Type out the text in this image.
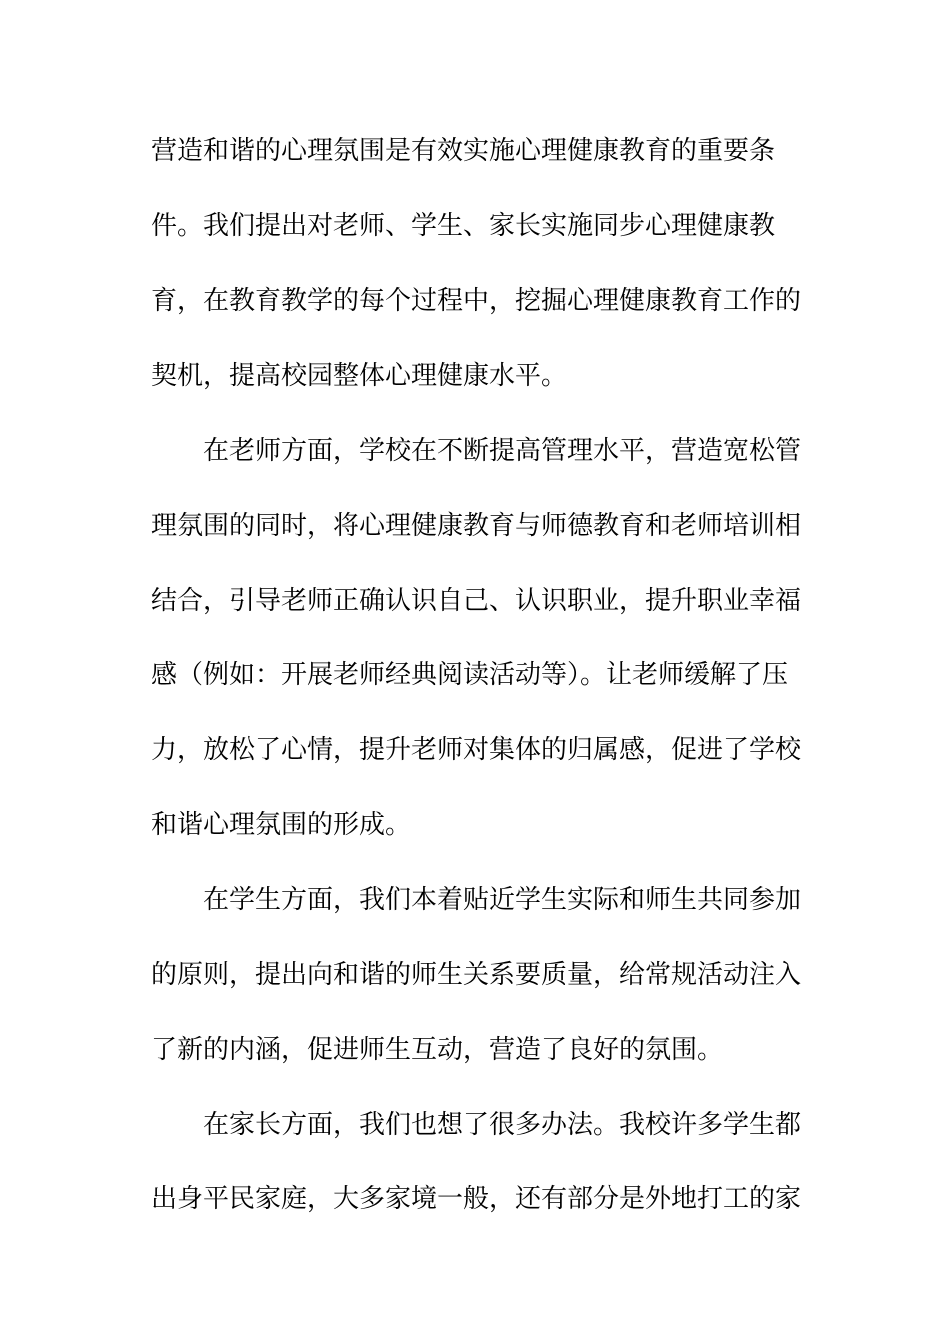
营造和谐的心理氛围是有效实施心理健康教育的重要条
件。我们提出对老师、学生、家长实施同步心理健康教
育，在教育教学的每个过程中，挖掘心理健康教育工作的
契机，提高校园整体心理健康水平。
　　在老师方面，学校在不断提高管理水平，营造宽松管
理氛围的同时，将心理健康教育与师德教育和老师培训相
结合，引导老师正确认识自己、认识职业，提升职业幸福
感（例如：开展老师经典阅读活动等）。让老师缓解了压
力，放松了心情，提升老师对集体的归属感，促进了学校
和谐心理氛围的形成。
　　在学生方面，我们本着贴近学生实际和师生共同参加
的原则，提出向和谐的师生关系要质量，给常规活动注入
了新的内涵，促进师生互动，营造了良好的氛围。
　　在家长方面，我们也想了很多办法。我校许多学生都
出身平民家庭，大多家境一般，还有部分是外地打工的家
